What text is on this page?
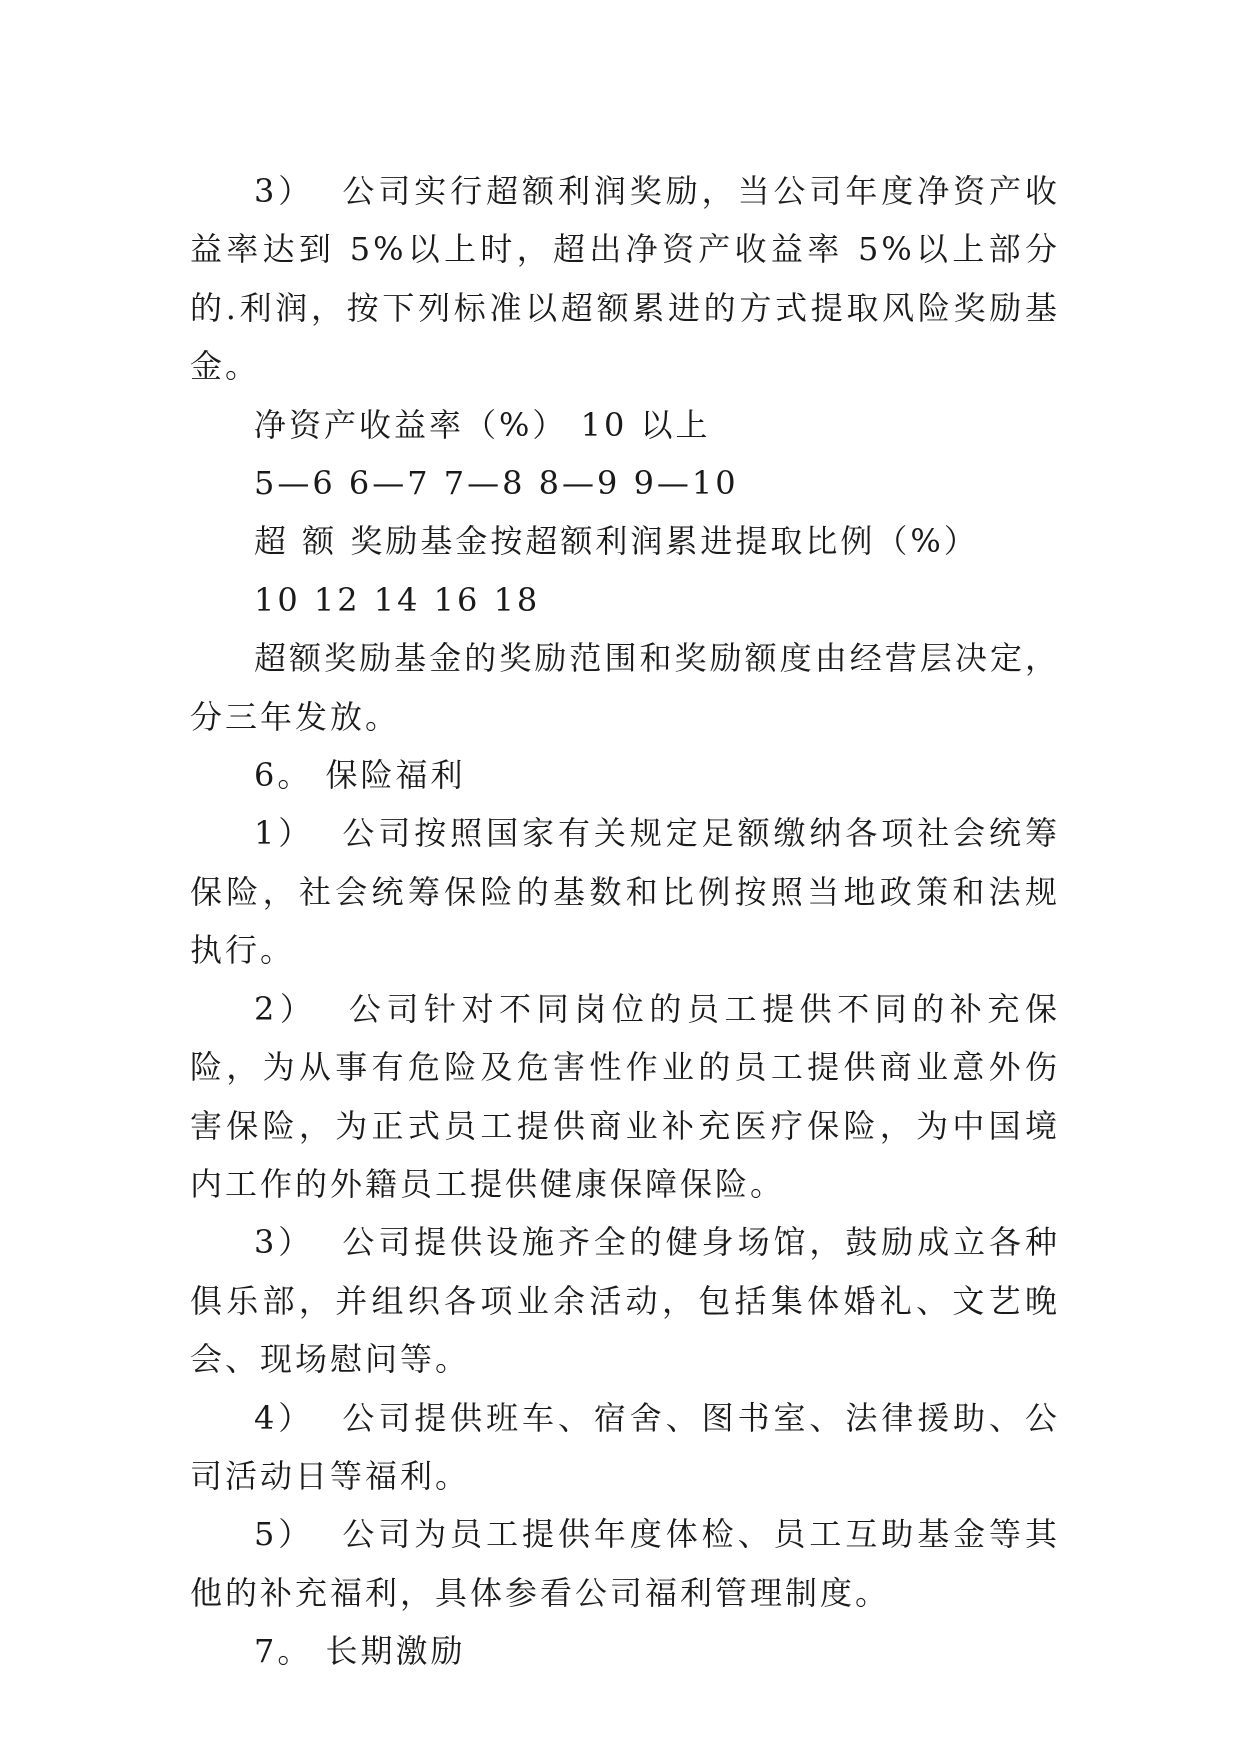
3）  公司实行超额利润奖励，当公司年度净资产收益率达到 5%以上时，超出净资产收益率 5%以上部分的.利润，按下列标准以超额累进的方式提取风险奖励基金。

净资产收益率（%） 10 以上

5—6 6—7 7—8 8—9 9—10

超 额 奖励基金按超额利润累进提取比例（%）

10 12 14 16 18

超额奖励基金的奖励范围和奖励额度由经营层决定，分三年发放。

6。 保险福利

1）  公司按照国家有关规定足额缴纳各项社会统筹保险，社会统筹保险的基数和比例按照当地政策和法规执行。

2）  公司针对不同岗位的员工提供不同的补充保险，为从事有危险及危害性作业的员工提供商业意外伤害保险，为正式员工提供商业补充医疗保险，为中国境内工作的外籍员工提供健康保障保险。

3）  公司提供设施齐全的健身场馆，鼓励成立各种俱乐部，并组织各项业余活动，包括集体婚礼、文艺晚会、现场慰问等。

4）  公司提供班车、宿舍、图书室、法律援助、公司活动日等福利。

5）  公司为员工提供年度体检、员工互助基金等其他的补充福利，具体参看公司福利管理制度。

7。 长期激励
